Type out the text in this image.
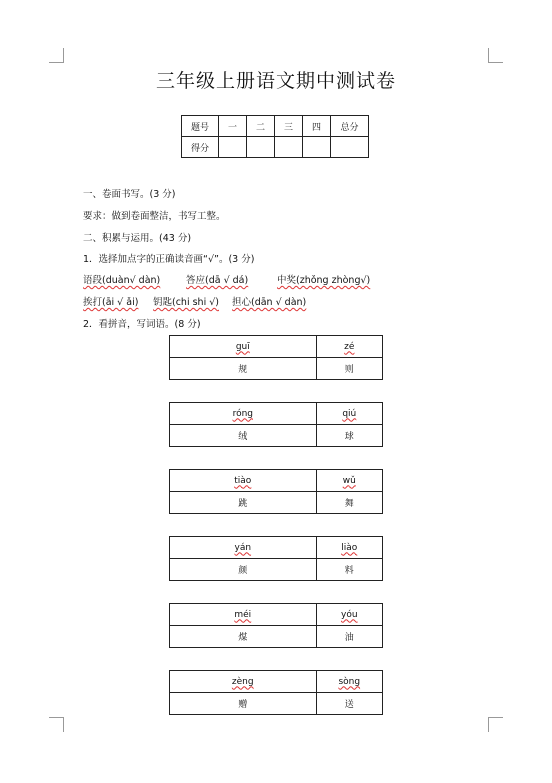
三年级上册语文期中测试卷
题号	一	二	三	四	总分
得分					
一、卷面书写。(3 分)
要求：做到卷面整洁，书写工整。
二、积累与运用。(43 分)
1．选择加点字的正确读音画“√”。(3 分)
语段(duàn√ dàn)	答应(dā √ dá)	中奖(zhǒng zhòng√)
挨打(āi √ ǎi) 钥匙(chi shi √) 担心(dān √ dàn)
2．看拼音，写词语。(8 分)
guī	zé
规	则
róng	qiú
绒	球
tiào	wǔ
跳	舞
yán	liào
颜	料
méi	yóu
煤	油
zèng	sòng
赠	送
